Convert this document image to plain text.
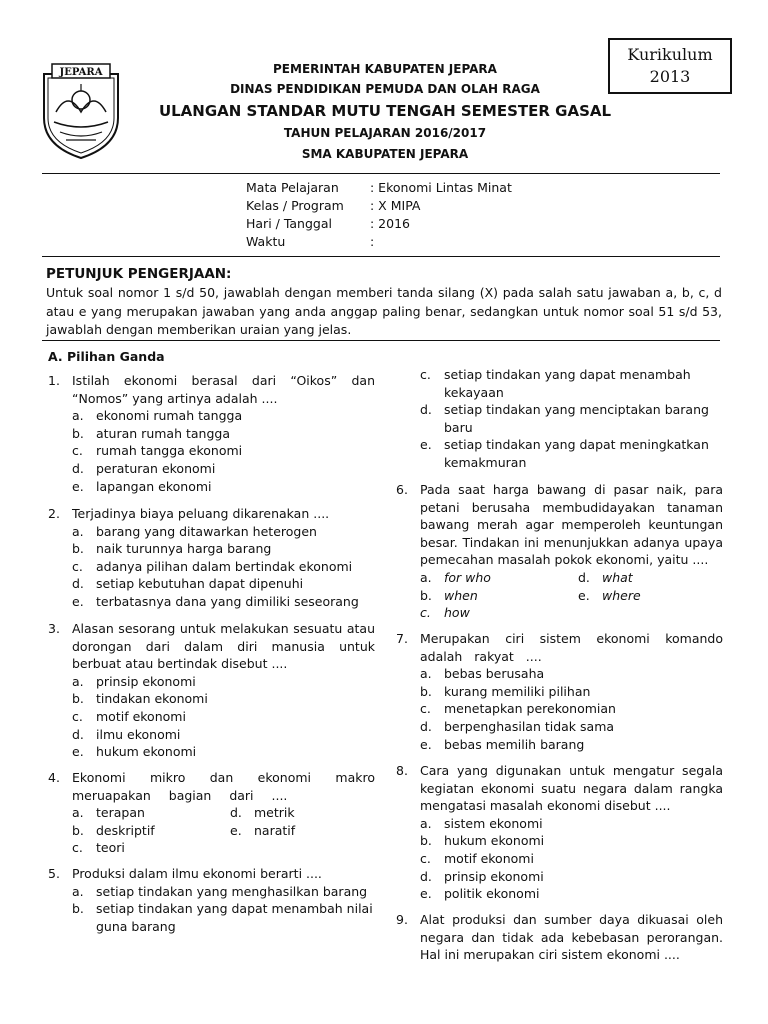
Kurikulum
2013
JEPARA	PEMERINTAH KABUPATEN JEPARA
DINAS PENDIDIKAN PEMUDA DAN OLAH RAGA
ULANGAN STANDAR MUTU TENGAH SEMESTER GASAL
TAHUN PELAJARAN 2016/2017
SMA KABUPATEN JEPARA
Mata Pelajaran	: Ekonomi Lintas Minat
Kelas / Program	: X MIPA
Hari / Tanggal	: 2016
Waktu	:
PETUNJUK PENGERJAAN:
Untuk soal nomor 1 s/d 50, jawablah dengan memberi tanda silang (X) pada salah satu jawaban a, b, c, d atau e yang merupakan jawaban yang anda anggap paling benar, sedangkan untuk nomor soal 51 s/d 53, jawablah dengan memberikan uraian yang jelas.
A. Pilihan Ganda
1. Istilah ekonomi berasal dari “Oikos” dan “Nomos” yang artinya adalah ....
a. ekonomi rumah tangga
b. aturan rumah tangga
c. rumah tangga ekonomi
d. peraturan ekonomi
e. lapangan ekonomi
2. Terjadinya biaya peluang dikarenakan ....
a. barang yang ditawarkan heterogen
b. naik turunnya harga barang
c. adanya pilihan dalam bertindak ekonomi
d. setiap kebutuhan dapat dipenuhi
e. terbatasnya dana yang dimiliki seseorang
3. Alasan sesorang untuk melakukan sesuatu atau dorongan dari dalam diri manusia untuk berbuat atau bertindak disebut ....
a. prinsip ekonomi
b. tindakan ekonomi
c. motif ekonomi
d. ilmu ekonomi
e. hukum ekonomi
4. Ekonomi mikro dan ekonomi makro meruapakan bagian dari ....
a. terapan	d. metrik
b. deskriptif	e. naratif
c. teori
5. Produksi dalam ilmu ekonomi berarti ....
a. setiap tindakan yang menghasilkan barang
b. setiap tindakan yang dapat menambah nilai guna barang
c. setiap tindakan yang dapat menambah kekayaan
d. setiap tindakan yang menciptakan barang baru
e. setiap tindakan yang dapat meningkatkan kemakmuran
6. Pada saat harga bawang di pasar naik, para petani berusaha membudidayakan tanaman bawang merah agar memperoleh keuntungan besar. Tindakan ini menunjukkan adanya upaya pemecahan masalah pokok ekonomi, yaitu ....
a. for who	d. what
b. when	e. where
c. how
7. Merupakan ciri sistem ekonomi komando adalah rakyat ....
a. bebas berusaha
b. kurang memiliki pilihan
c. menetapkan perekonomian
d. berpenghasilan tidak sama
e. bebas memilih barang
8. Cara yang digunakan untuk mengatur segala kegiatan ekonomi suatu negara dalam rangka mengatasi masalah ekonomi disebut ....
a. sistem ekonomi
b. hukum ekonomi
c. motif ekonomi
d. prinsip ekonomi
e. politik ekonomi
9. Alat produksi dan sumber daya dikuasai oleh negara dan tidak ada kebebasan perorangan. Hal ini merupakan ciri sistem ekonomi ....
